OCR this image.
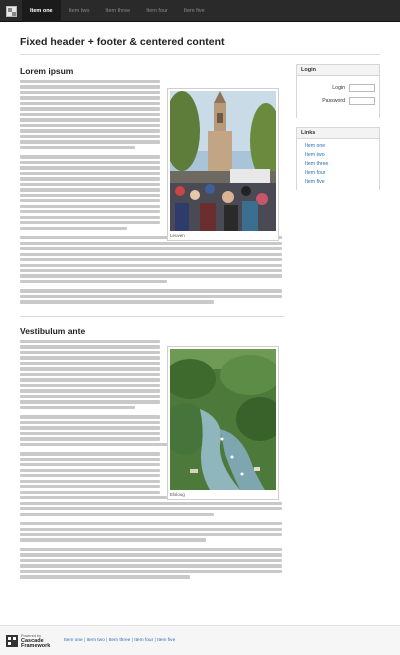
Item one	Item two	Item three	Item four	Item five
Fixed header + footer & centered content
Lorem ipsum
Leuven
Vestibulum ante
Elsloog
Login
Login
Password
Links
Item one
Item two
Item three
Item four
Item five
Powered by
Cascade
Framework
Item one | Item two | Item three | Item four | Item five
